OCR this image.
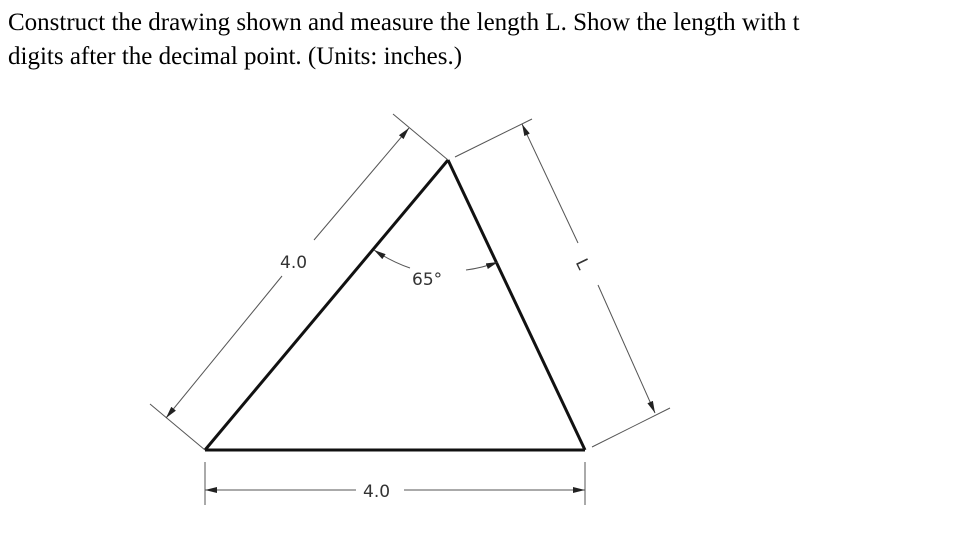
Construct the drawing shown and measure the length L. Show the length with t
digits after the decimal point. (Units: inches.)
4.0
4.0
L
65°
